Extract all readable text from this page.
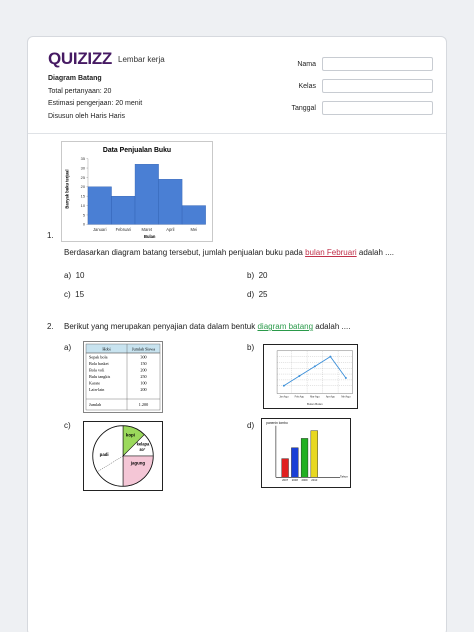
QUIZIZZ Lembar kerja
Diagram Batang
Total pertanyaan: 20
Estimasi pengerjaan: 20 menit
Disusun oleh Haris Haris
Nama
Kelas
Tanggal
Data Penjualan Buku
Banyak buku terjual
Bulan
0
5
10
15
20
25
30
35
Januari Februari	Maret	April	Mei
1.
Berdasarkan diagram batang tersebut, jumlah penjualan buku pada bulan Februari adalah ....
a) 10	b) 20
c) 15	d) 25
2. Berikut yang merupakan penyajian data dalam bentuk diagram batang adalah ....
a)	b)
c)	d)
Hobi	Jumlah Siswa
Sepak bola	300
Bola basket	150
Bola voli	200
Bulu tangkis	250
Karate	100
Lain-lain	200
Jumlah	1.200
Jan Agu Feb Agu Mar Agu Apr Agu Mei Agu
Bulan Bulan
padi
kopi
kelapa
80°
jagung
panenin lombo
2007 2008 2009 2010
Tahun
